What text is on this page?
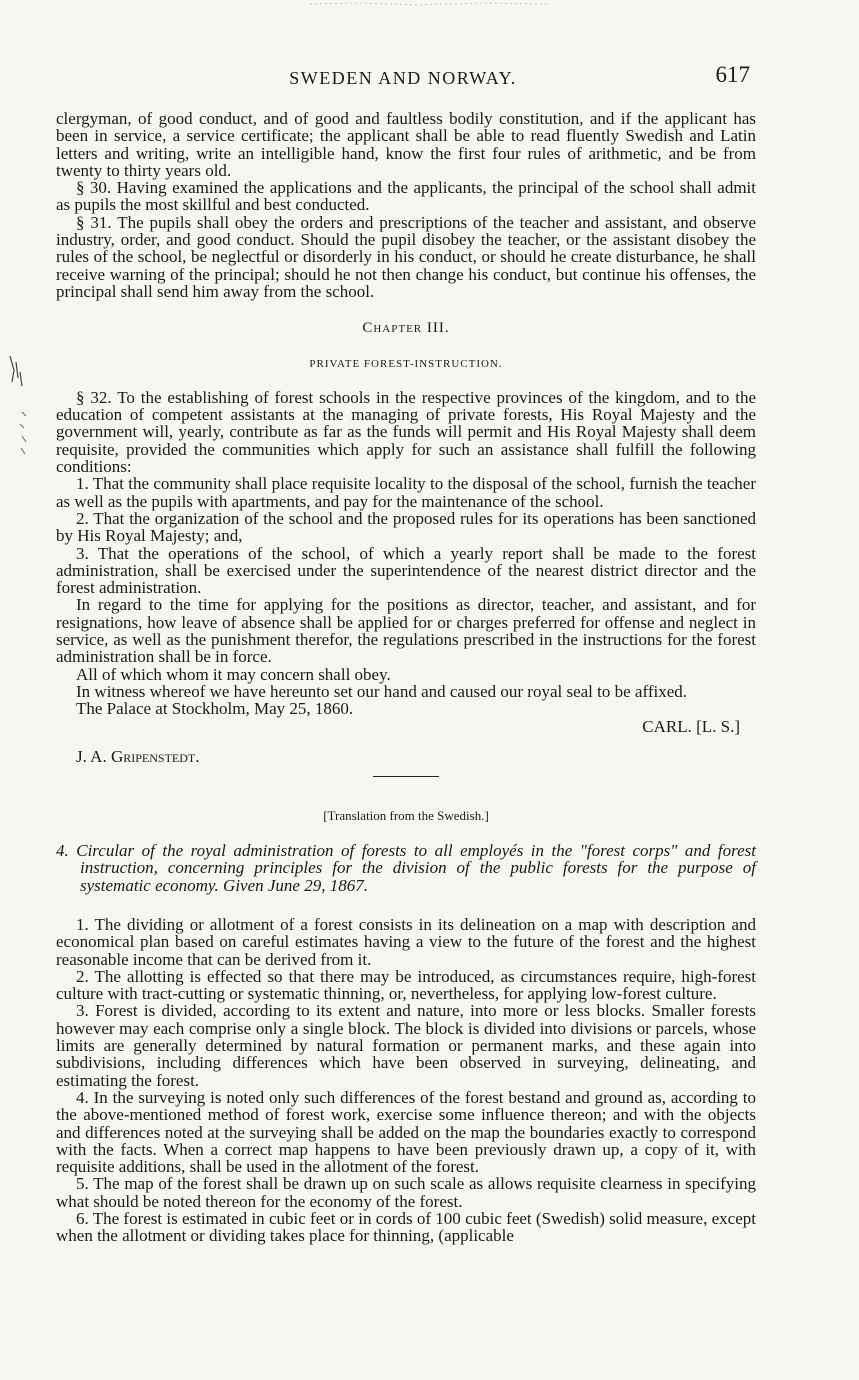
SWEDEN AND NORWAY.	617

clergyman, of good conduct, and of good and faultless bodily constitution, and if the applicant has been in service, a service certificate; the applicant shall be able to read fluently Swedish and Latin letters and writing, write an intelligible hand, know the first four rules of arithmetic, and be from twenty to thirty years old.

§ 30. Having examined the applications and the applicants, the principal of the school shall admit as pupils the most skillful and best conducted.

§ 31. The pupils shall obey the orders and prescriptions of the teacher and assistant, and observe industry, order, and good conduct. Should the pupil disobey the teacher, or the assistant disobey the rules of the school, be neglectful or disorderly in his conduct, or should he create disturbance, he shall receive warning of the principal; should he not then change his conduct, but continue his offenses, the principal shall send him away from the school.

Chapter III.

PRIVATE FOREST-INSTRUCTION.

§ 32. To the establishing of forest schools in the respective provinces of the kingdom, and to the education of competent assistants at the managing of private forests, His Royal Majesty and the government will, yearly, contribute as far as the funds will permit and His Royal Majesty shall deem requisite, provided the communities which apply for such an assistance shall fulfill the following conditions:

1. That the community shall place requisite locality to the disposal of the school, furnish the teacher as well as the pupils with apartments, and pay for the maintenance of the school.

2. That the organization of the school and the proposed rules for its operations has been sanctioned by His Royal Majesty; and,

3. That the operations of the school, of which a yearly report shall be made to the forest administration, shall be exercised under the superintendence of the nearest district director and the forest administration.

In regard to the time for applying for the positions as director, teacher, and assistant, and for resignations, how leave of absence shall be applied for or charges preferred for offense and neglect in service, as well as the punishment therefor, the regulations prescribed in the instructions for the forest administration shall be in force.

All of which whom it may concern shall obey.

In witness whereof we have hereunto set our hand and caused our royal seal to be affixed.

The Palace at Stockholm, May 25, 1860.

CARL. [L. S.]

J. A. Gripenstedt.

[Translation from the Swedish.]

4. Circular of the royal administration of forests to all employés in the "forest corps" and forest instruction, concerning principles for the division of the public forests for the purpose of systematic economy. Given June 29, 1867.

1. The dividing or allotment of a forest consists in its delineation on a map with description and economical plan based on careful estimates having a view to the future of the forest and the highest reasonable income that can be derived from it.

2. The allotting is effected so that there may be introduced, as circumstances require, high-forest culture with tract-cutting or systematic thinning, or, nevertheless, for applying low-forest culture.

3. Forest is divided, according to its extent and nature, into more or less blocks. Smaller forests however may each comprise only a single block. The block is divided into divisions or parcels, whose limits are generally determined by natural formation or permanent marks, and these again into subdivisions, including differences which have been observed in surveying, delineating, and estimating the forest.

4. In the surveying is noted only such differences of the forest bestand and ground as, according to the above-mentioned method of forest work, exercise some influence thereon; and with the objects and differences noted at the surveying shall be added on the map the boundaries exactly to correspond with the facts. When a correct map happens to have been previously drawn up, a copy of it, with requisite additions, shall be used in the allotment of the forest.

5. The map of the forest shall be drawn up on such scale as allows requisite clearness in specifying what should be noted thereon for the economy of the forest.

6. The forest is estimated in cubic feet or in cords of 100 cubic feet (Swedish) solid measure, except when the allotment or dividing takes place for thinning, (applicable
